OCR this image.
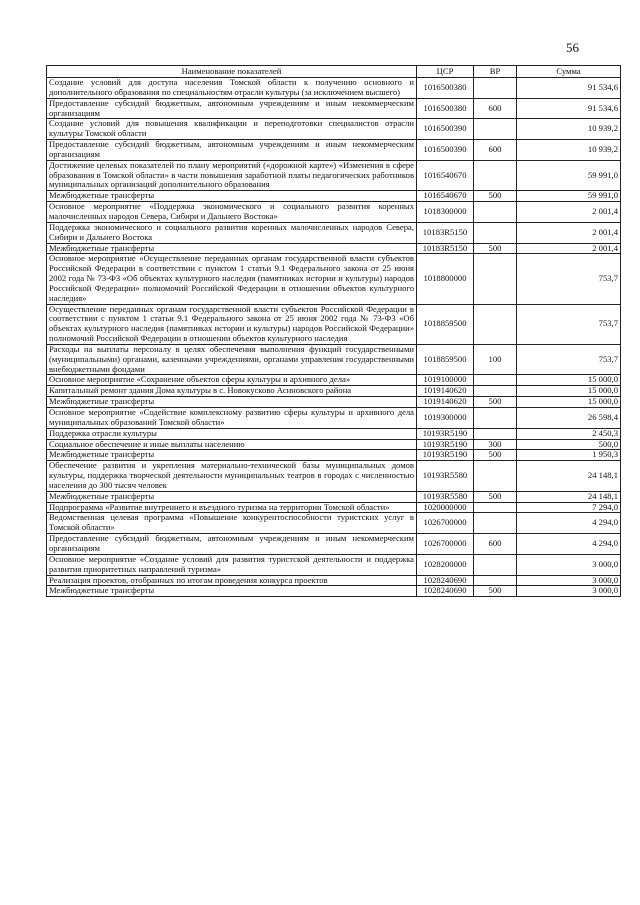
56
Наименование показателей	ЦСР	ВР	Сумма
Создание условий для доступа населения Томской области к получению основного и дополнительного образования по специальностям отрасли культуры (за исключением высшего)	1016500380		91 534,6
Предоставление субсидий бюджетным, автономным учреждениям и иным некоммерческим организациям	1016500380	600	91 534,6
Создание условий для повышения квалификации и переподготовки специалистов отрасли культуры Томской области	1016500390		10 939,2
Предоставление субсидий бюджетным, автономным учреждениям и иным некоммерческим организациям	1016500390	600	10 939,2
Достижение целевых показателей по плану мероприятий («дорожной карте») «Изменения в сфере образования в Томской области» в части повышения заработной платы педагогических работников муниципальных организаций дополнительного образования	1016540670		59 991,0
Межбюджетные трансферты	1016540670	500	59 991,0
Основное мероприятие «Поддержка экономического и социального развития коренных малочисленных народов Севера, Сибири и Дальнего Востока»	1018300000		2 001,4
Поддержка экономического и социального развития коренных малочисленных народов Севера, Сибири и Дальнего Востока	10183R5150		2 001,4
Межбюджетные трансферты	10183R5150	500	2 001,4
Основное мероприятие «Осуществление переданных органам государственной власти субъектов Российской Федерации в соответствии с пунктом 1 статьи 9.1 Федерального закона от 25 июня 2002 года № 73-ФЗ «Об объектах культурного наследия (памятниках истории и культуры) народов Российской Федерации» полномочий Российской Федерации в отношении объектов культурного наследия»	1018800000		753,7
Осуществление переданных органам государственной власти субъектов Российской Федерации в соответствии с пунктом 1 статьи 9.1 Федерального закона от 25 июня 2002 года № 73-ФЗ «Об объектах культурного наследия (памятниках истории и культуры) народов Российской Федерации» полномочий Российской Федерации в отношении объектов культурного наследия	1018859500		753,7
Расходы на выплаты персоналу в целях обеспечения выполнения функций государственными (муниципальными) органами, казенными учреждениями, органами управления государственными внебюджетными фондами	1018859500	100	753,7
Основное мероприятие «Сохранение объектов сферы культуры и архивного дела»	1019100000		15 000,0
Капитальный ремонт здания Дома культуры в с. Новокусково Асиновского района	1019140620		15 000,0
Межбюджетные трансферты	1019140620	500	15 000,0
Основное мероприятие «Содействие комплексному развитию сферы культуры и архивного дела муниципальных образований Томской области»	1019300000		26 598,4
Поддержка отрасли культуры	10193R5190		2 450,3
Социальное обеспечение и иные выплаты населению	10193R5190	300	500,0
Межбюджетные трансферты	10193R5190	500	1 950,3
Обеспечение развития и укрепления материально-технической базы муниципальных домов культуры, поддержка творческой деятельности муниципальных театров в городах с численностью населения до 300 тысяч человек	10193R5580		24 148,1
Межбюджетные трансферты	10193R5580	500	24 148,1
Подпрограмма «Развитие внутреннего и въездного туризма на территории Томской области»	1020000000		7 294,0
Ведомственная целевая программа «Повышение конкурентоспособности туристских услуг в Томской области»	1026700000		4 294,0
Предоставление субсидий бюджетным, автономным учреждениям и иным некоммерческим организациям	1026700000	600	4 294,0
Основное мероприятие «Создание условий для развития туристской деятельности и поддержка развития приоритетных направлений туризма»	1028200000		3 000,0
Реализация проектов, отобранных по итогам проведения конкурса проектов	1028240690		3 000,0
Межбюджетные трансферты	1028240690	500	3 000,0
